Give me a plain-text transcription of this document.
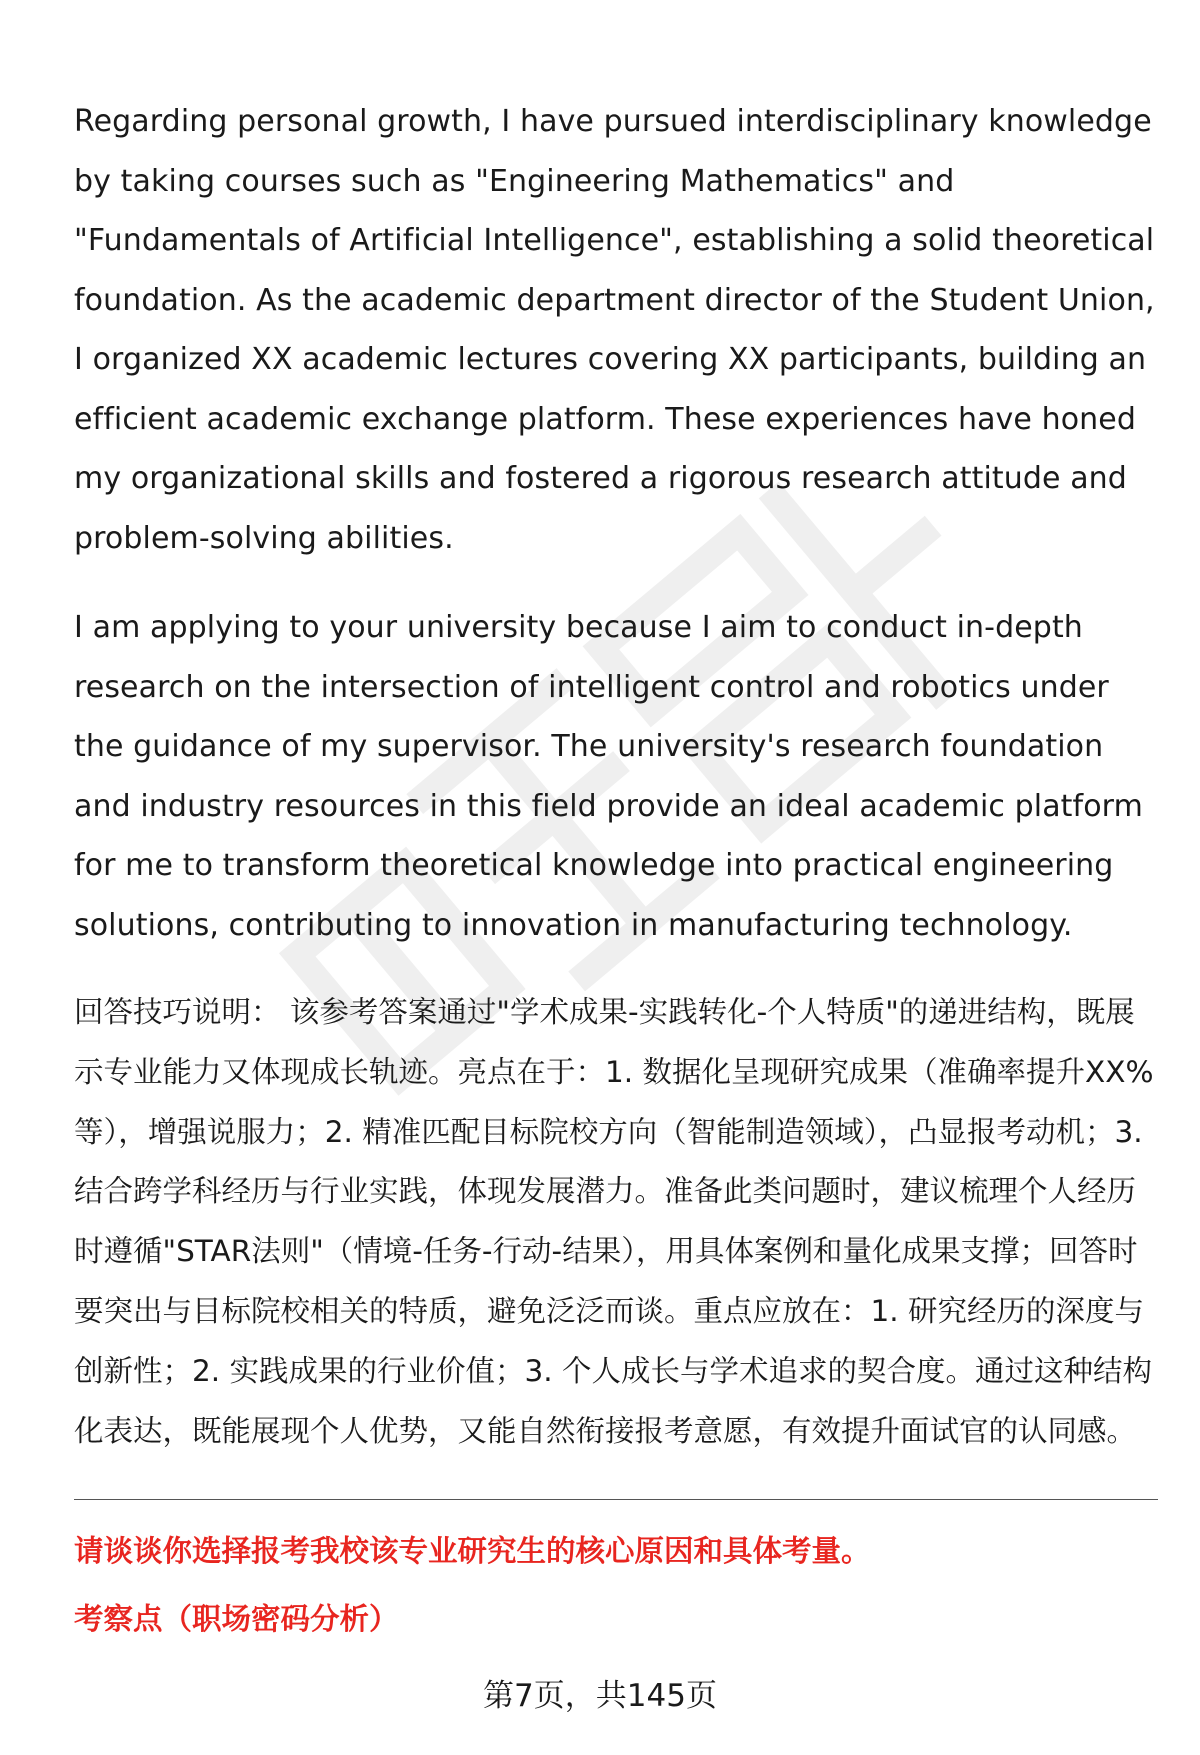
Regarding personal growth, I have pursued interdisciplinary knowledge by taking courses such as "Engineering Mathematics" and "Fundamentals of Artificial Intelligence", establishing a solid theoretical foundation. As the academic department director of the Student Union, I organized XX academic lectures covering XX participants, building an efficient academic exchange platform. These experiences have honed my organizational skills and fostered a rigorous research attitude and problem-solving abilities.

I am applying to your university because I aim to conduct in-depth research on the intersection of intelligent control and robotics under the guidance of my supervisor. The university's research foundation and industry resources in this field provide an ideal academic platform for me to transform theoretical knowledge into practical engineering solutions, contributing to innovation in manufacturing technology.

回答技巧说明： 该参考答案通过"学术成果-实践转化-个人特质"的递进结构，既展示专业能力又体现成长轨迹。亮点在于：1. 数据化呈现研究成果（准确率提升XX%等），增强说服力；2. 精准匹配目标院校方向（智能制造领域），凸显报考动机；3. 结合跨学科经历与行业实践，体现发展潜力。准备此类问题时，建议梳理个人经历时遵循"STAR法则"（情境-任务-行动-结果），用具体案例和量化成果支撑；回答时要突出与目标院校相关的特质，避免泛泛而谈。重点应放在：1. 研究经历的深度与创新性；2. 实践成果的行业价值；3. 个人成长与学术追求的契合度。通过这种结构化表达，既能展现个人优势，又能自然衔接报考意愿，有效提升面试官的认同感。

请谈谈你选择报考我校该专业研究生的核心原因和具体考量。

考察点（职场密码分析）

第7页，共145页
